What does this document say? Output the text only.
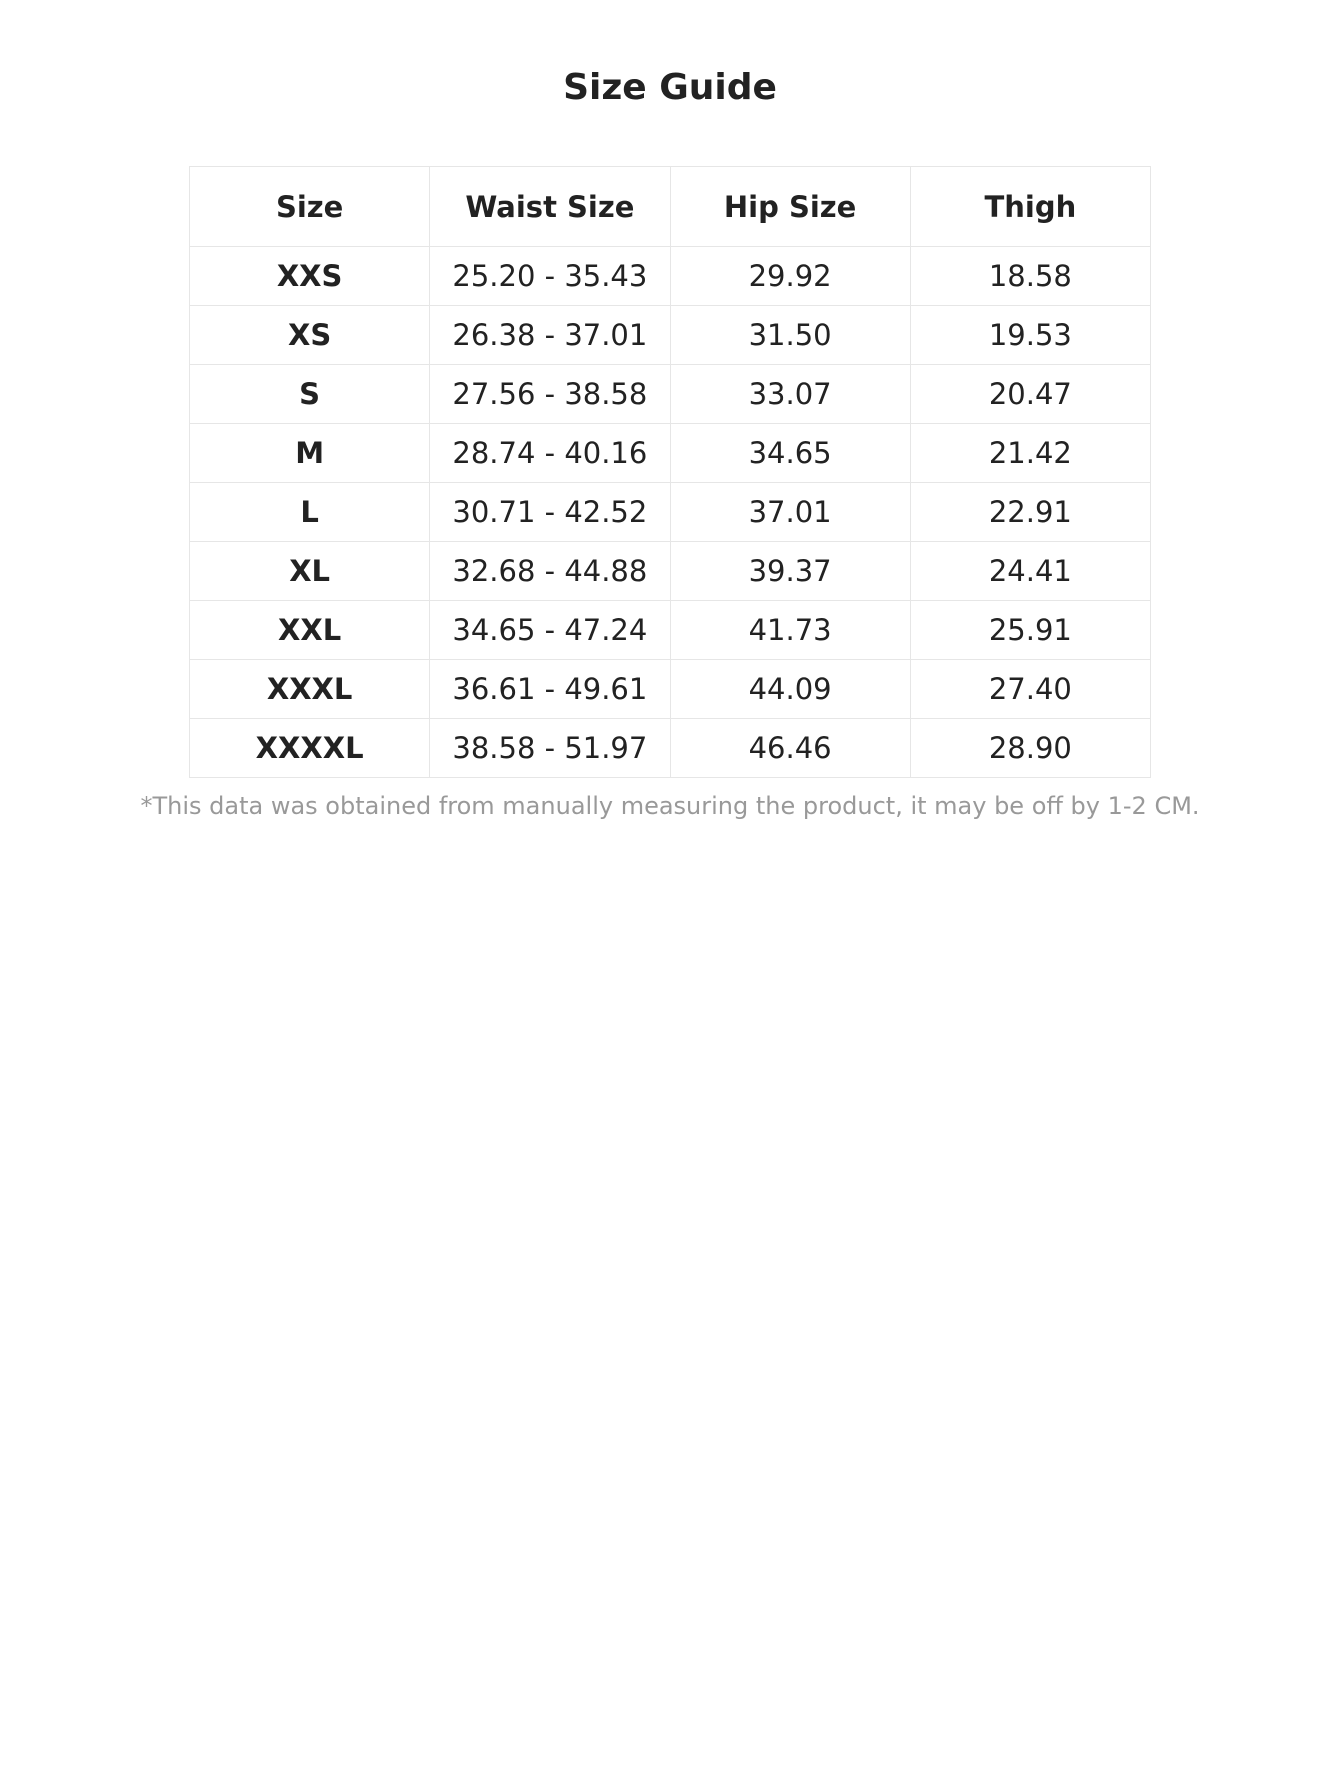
Size Guide
Size	Waist Size	Hip Size	Thigh
XXS	25.20 - 35.43	29.92	18.58
XS	26.38 - 37.01	31.50	19.53
S	27.56 - 38.58	33.07	20.47
M	28.74 - 40.16	34.65	21.42
L	30.71 - 42.52	37.01	22.91
XL	32.68 - 44.88	39.37	24.41
XXL	34.65 - 47.24	41.73	25.91
XXXL	36.61 - 49.61	44.09	27.40
XXXXL	38.58 - 51.97	46.46	28.90
*This data was obtained from manually measuring the product, it may be off by 1-2 CM.
